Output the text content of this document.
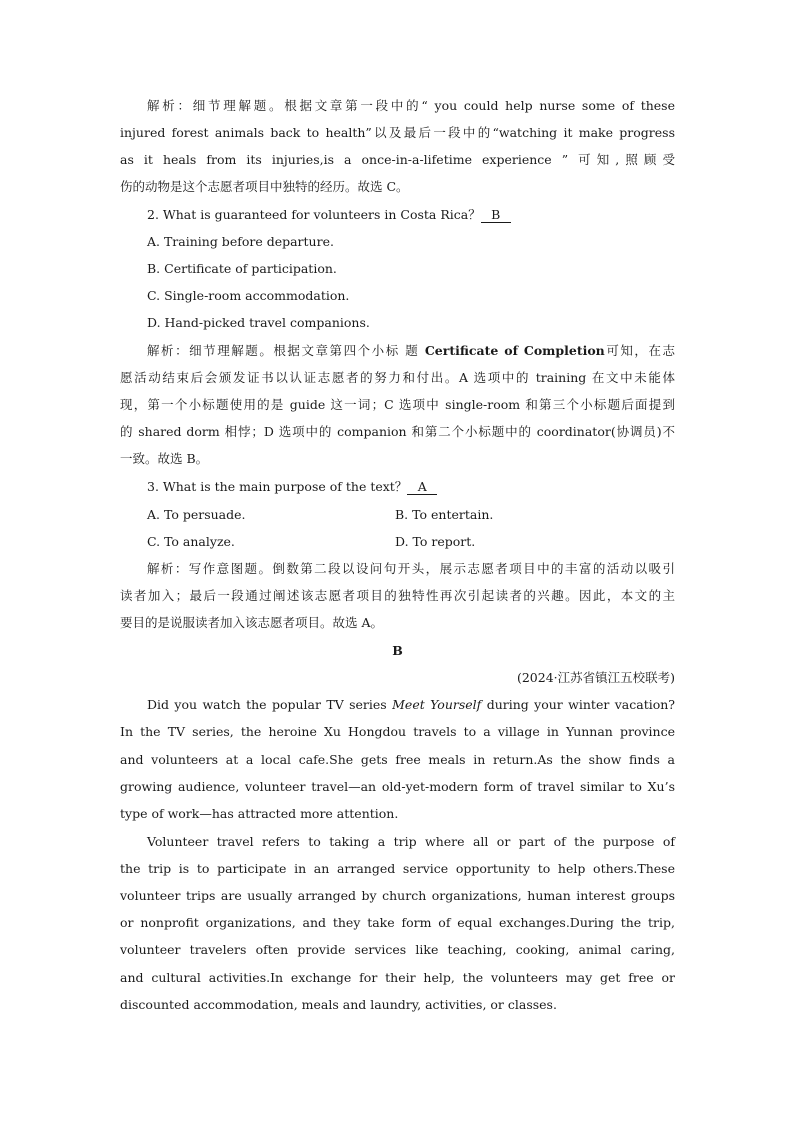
解析：细节理解题。根据文章第一段中的“ you could help nurse some of these
injured forest animals back to health”以及最后一段中的“watching it make progress
as it heals from its injuries,is a once-in-a-lifetime experience ” 可知,照顾受
伤的动物是这个志愿者项目中独特的经历。故选 C。
2. What is guaranteed for volunteers in Costa Rica？ B
A. Training before departure.
B. Certificate of participation.
C. Single-room accommodation.
D. Hand-picked travel companions.
解析：细节理解题。根据文章第四个小标 题 Certificate of Completion可知，在志
愿活动结束后会颁发证书以认证志愿者的努力和付出。A 选项中的 training 在文中未能体
现，第一个小标题使用的是 guide 这一词；C 选项中 single-room 和第三个小标题后面提到
的 shared dorm 相悖；D 选项中的 companion 和第二个小标题中的 coordinator(协调员)不
一致。故选 B。
3. What is the main purpose of the text？ A
A. To persuade.	B. To entertain.
C. To analyze.	D. To report.
解析：写作意图题。倒数第二段以设问句开头，展示志愿者项目中的丰富的活动以吸引
读者加入；最后一段通过阐述该志愿者项目的独特性再次引起读者的兴趣。因此，本文的主
要目的是说服读者加入该志愿者项目。故选 A。
B
(2024·江苏省镇江五校联考)
Did you watch the popular TV series Meet Yourself during your winter vacation?
In the TV series, the heroine Xu Hongdou travels to a village in Yunnan province
and volunteers at a local cafe.She gets free meals in return.As the show finds a
growing audience, volunteer travel—an old-yet-modern form of travel similar to Xu’s
type of work—has attracted more attention.
Volunteer travel refers to taking a trip where all or part of the purpose of
the trip is to participate in an arranged service opportunity to help others.These
volunteer trips are usually arranged by church organizations, human interest groups
or nonprofit organizations, and they take form of equal exchanges.During the trip,
volunteer travelers often provide services like teaching, cooking, animal caring,
and cultural activities.In exchange for their help, the volunteers may get free or
discounted accommodation, meals and laundry, activities, or classes.
